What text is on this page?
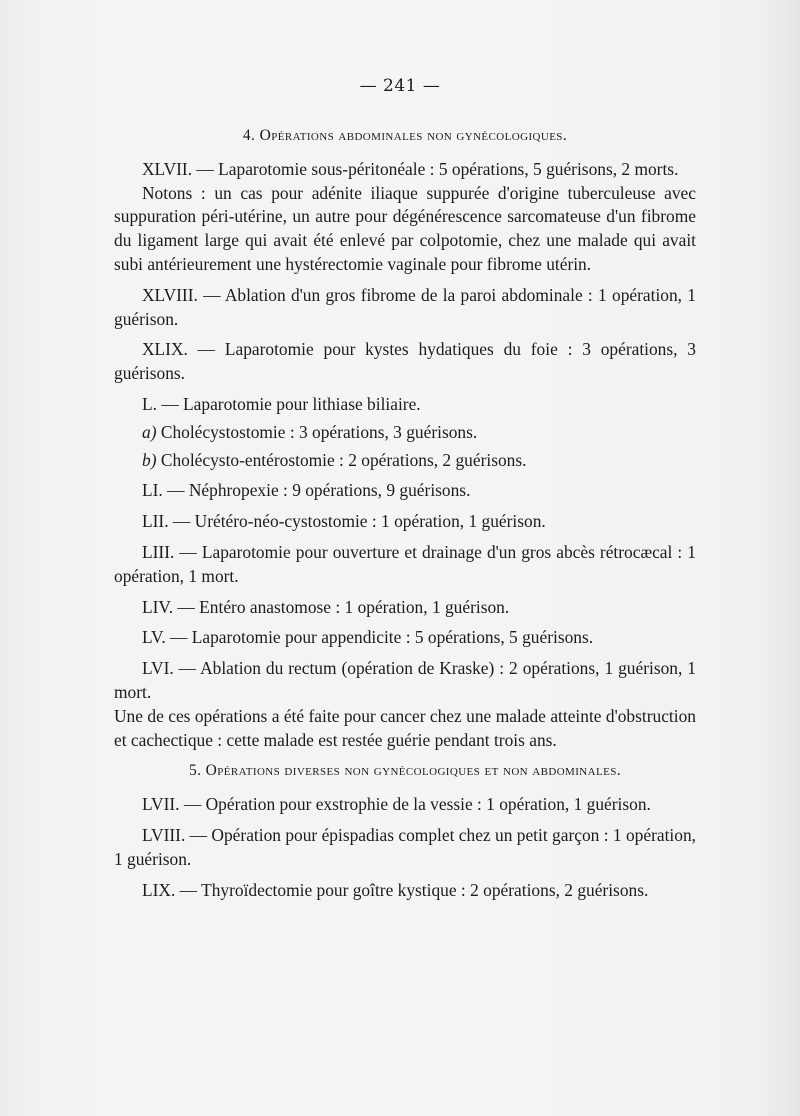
— 241 —
4. Opérations abdominales non gynécologiques.

XLVII. — Laparotomie sous-péritonéale : 5 opérations, 5 guérisons, 2 morts.

Notons : un cas pour adénite iliaque suppurée d'origine tuberculeuse avec suppuration péri-utérine, un autre pour dégénérescence sarcomateuse d'un fibrome du ligament large qui avait été enlevé par colpotomie, chez une malade qui avait subi antérieurement une hystérectomie vaginale pour fibrome utérin.

XLVIII. — Ablation d'un gros fibrome de la paroi abdominale : 1 opération, 1 guérison.

XLIX. — Laparotomie pour kystes hydatiques du foie : 3 opérations, 3 guérisons.

L. — Laparotomie pour lithiase biliaire.

a) Cholécystostomie : 3 opérations, 3 guérisons.

b) Cholécysto-entérostomie : 2 opérations, 2 guérisons.

LI. — Néphropexie : 9 opérations, 9 guérisons.

LII. — Urétéro-néo-cystostomie : 1 opération, 1 guérison.

LIII. — Laparotomie pour ouverture et drainage d'un gros abcès rétrocæcal : 1 opération, 1 mort.

LIV. — Entéro anastomose : 1 opération, 1 guérison.

LV. — Laparotomie pour appendicite : 5 opérations, 5 guérisons.

LVI. — Ablation du rectum (opération de Kraske) : 2 opérations, 1 guérison, 1 mort.

Une de ces opérations a été faite pour cancer chez une malade atteinte d'obstruction et cachectique : cette malade est restée guérie pendant trois ans.

5. Opérations diverses non gynécologiques et non abdominales.

LVII. — Opération pour exstrophie de la vessie : 1 opération, 1 guérison.

LVIII. — Opération pour épispadias complet chez un petit garçon : 1 opération, 1 guérison.

LIX. — Thyroïdectomie pour goître kystique : 2 opérations, 2 guérisons.
